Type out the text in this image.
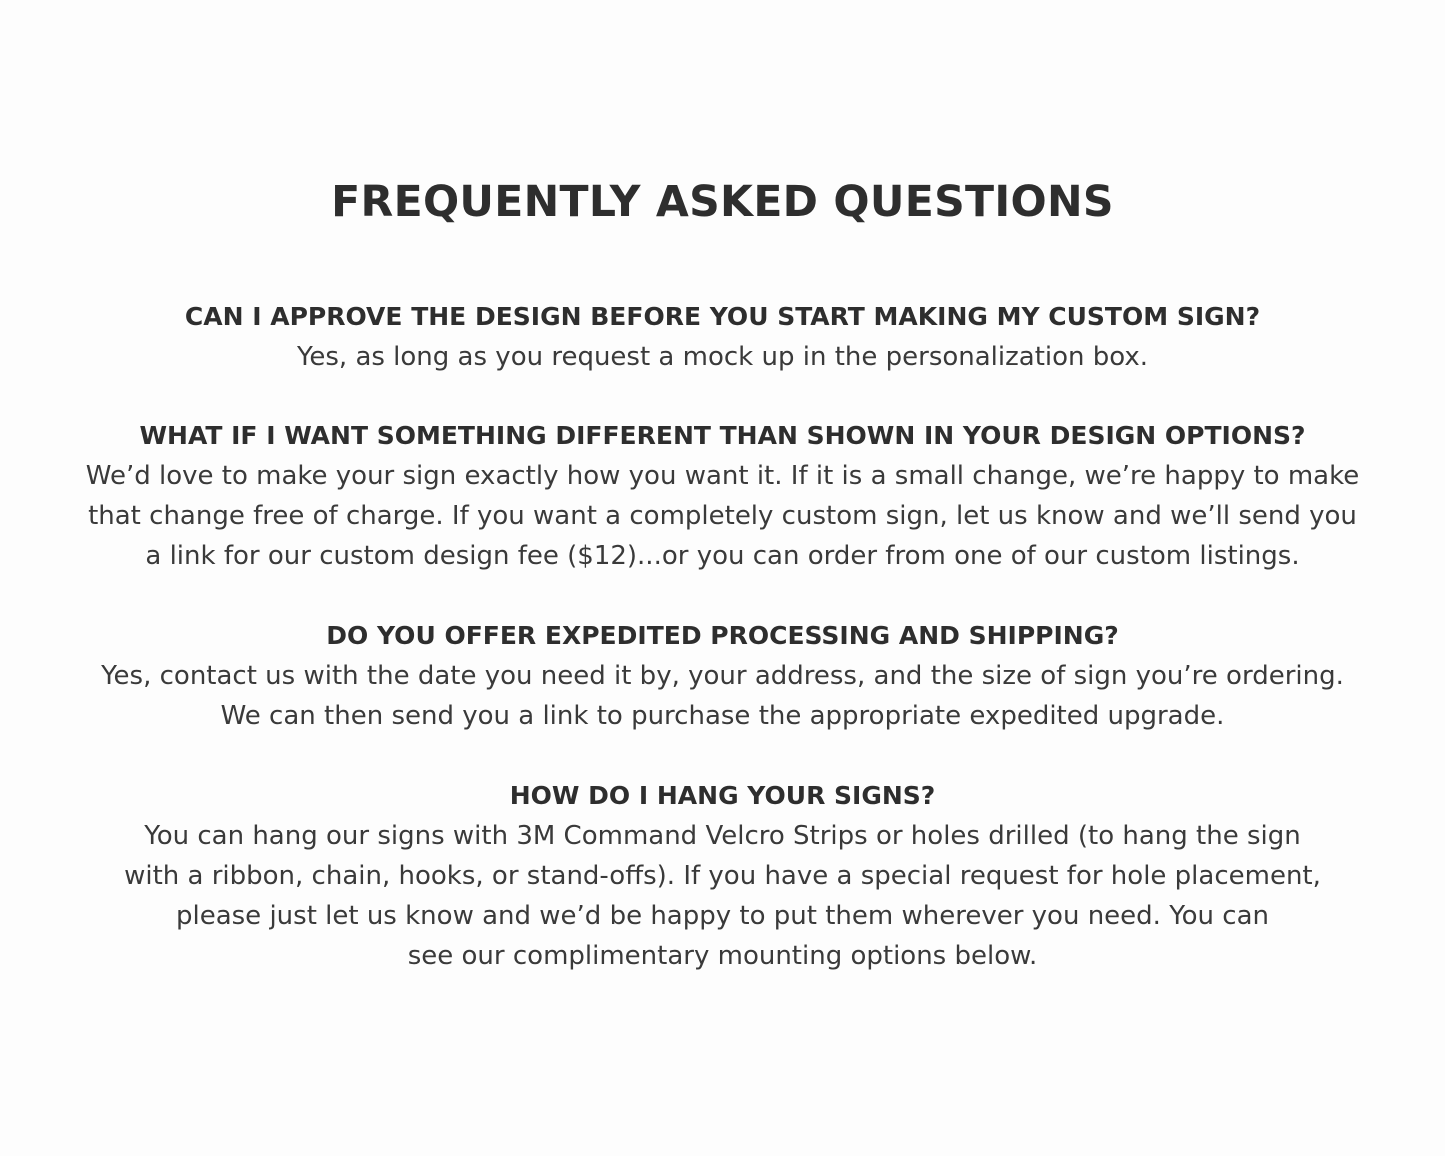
FREQUENTLY ASKED QUESTIONS
CAN I APPROVE THE DESIGN BEFORE YOU START MAKING MY CUSTOM SIGN?

Yes, as long as you request a mock up in the personalization box.

WHAT IF I WANT SOMETHING DIFFERENT THAN SHOWN IN YOUR DESIGN OPTIONS?

We’d love to make your sign exactly how you want it. If it is a small change, we’re happy to make
that change free of charge. If you want a completely custom sign, let us know and we’ll send you
a link for our custom design fee ($12)...or you can order from one of our custom listings.

DO YOU OFFER EXPEDITED PROCESSING AND SHIPPING?

Yes, contact us with the date you need it by, your address, and the size of sign you’re ordering.
We can then send you a link to purchase the appropriate expedited upgrade.

HOW DO I HANG YOUR SIGNS?

You can hang our signs with 3M Command Velcro Strips or holes drilled (to hang the sign
with a ribbon, chain, hooks, or stand-offs). If you have a special request for hole placement,
please just let us know and we’d be happy to put them wherever you need. You can
see our complimentary mounting options below.
